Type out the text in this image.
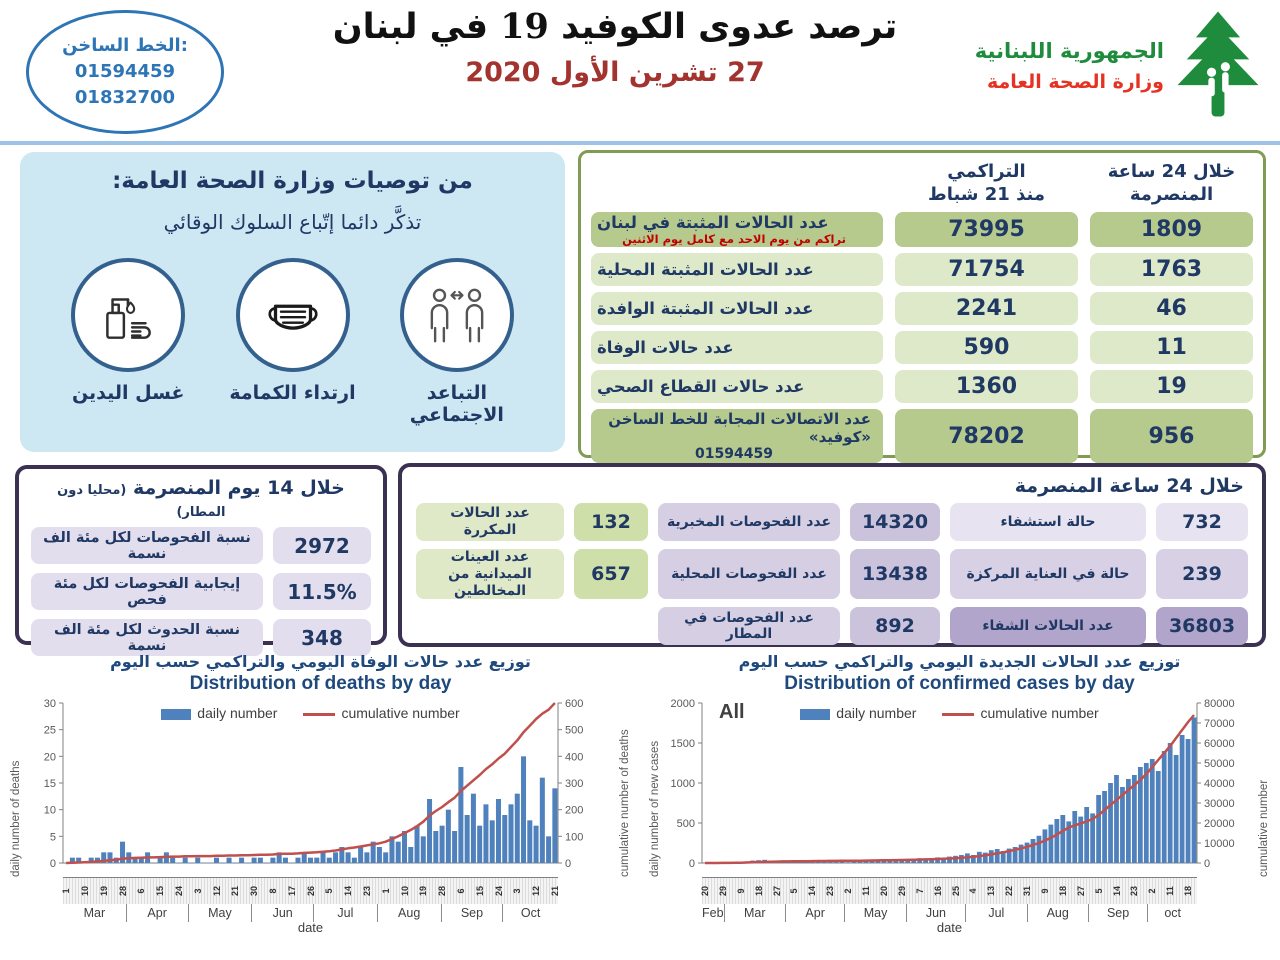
الخط الساخن:
01594459
01832700
ترصد عدوى الكوفيد 19 في لبنان
27 تشرين الأول 2020
الجمهورية اللبنانية
وزارة الصحة العامة
من توصيات وزارة الصحة العامة:
تذكَّر دائما إتّباع السلوك الوقائي
غسل اليدين	ارتداء الكمامة	التباعد الاجتماعي
التراكمي
منذ 21 شباط
خلال 24 ساعة
المنصرمة
عدد الحالات المثبتة في لبنان
تراكم من يوم الاحد مع كامل يوم الاثنين	73995	1809
عدد الحالات المثبتة المحلية	71754	1763
عدد الحالات المثبتة الوافدة	2241	46
عدد حالات الوفاة	590	11
عدد حالات القطاع الصحي	1360	19
عدد الاتصالات المجابة للخط الساخن «كوفيد»
01594459
78202	956
خلال 14 يوم المنصرمة (محليا دون المطار)
نسبة الفحوصات لكل مئة الف نسمة	2972
إيجابية الفحوصات لكل مئة فحص	11.5%
نسبة الحدوث لكل مئة الف نسمة	348
خلال 24 ساعة المنصرمة
عدد الحالات المكررة	132	عدد الفحوصات المخبرية	14320	حالة استشفاء	732
عدد العينات الميدانية من المخالطين
657	عدد الفحوصات المحلية	13438	حالة في العناية المركزة	239
عدد الفحوصات في المطار	892	عدد الحالات الشفاء	36803
توزيع عدد حالات الوفاة اليومي والتراكمي حسب اليوم
Distribution of deaths by day
0
5
10
15
20
25
30
0
100
200
300
400
500
600
daily number	cumulative number
daily number of deaths	cumulative number of deaths
1 10 19 28 6 15 24 3 12 21 30 8 17 26 5 14 23 1 10 19 28 6 15 24 3 12 21
Mar	Apr	May	Jun	Jul	Aug	Sep	Oct
date
توزيع عدد الحالات الجديدة اليومي والتراكمي حسب اليوم
Distribution of confirmed cases by day
0
500
1000
1500
2000
0
10000
20000
30000
40000
50000
60000
70000
80000
All	daily number	cumulative number
daily number of new cases	cumulative number
20 29 9 18 27 5 14 23 2 11 20 29 7 16 25 4 13 22 31 9 18 27 5 14 23 2 11 18
Feb	Mar	Apr	May	Jun	Jul	Aug	Sep	oct
date
